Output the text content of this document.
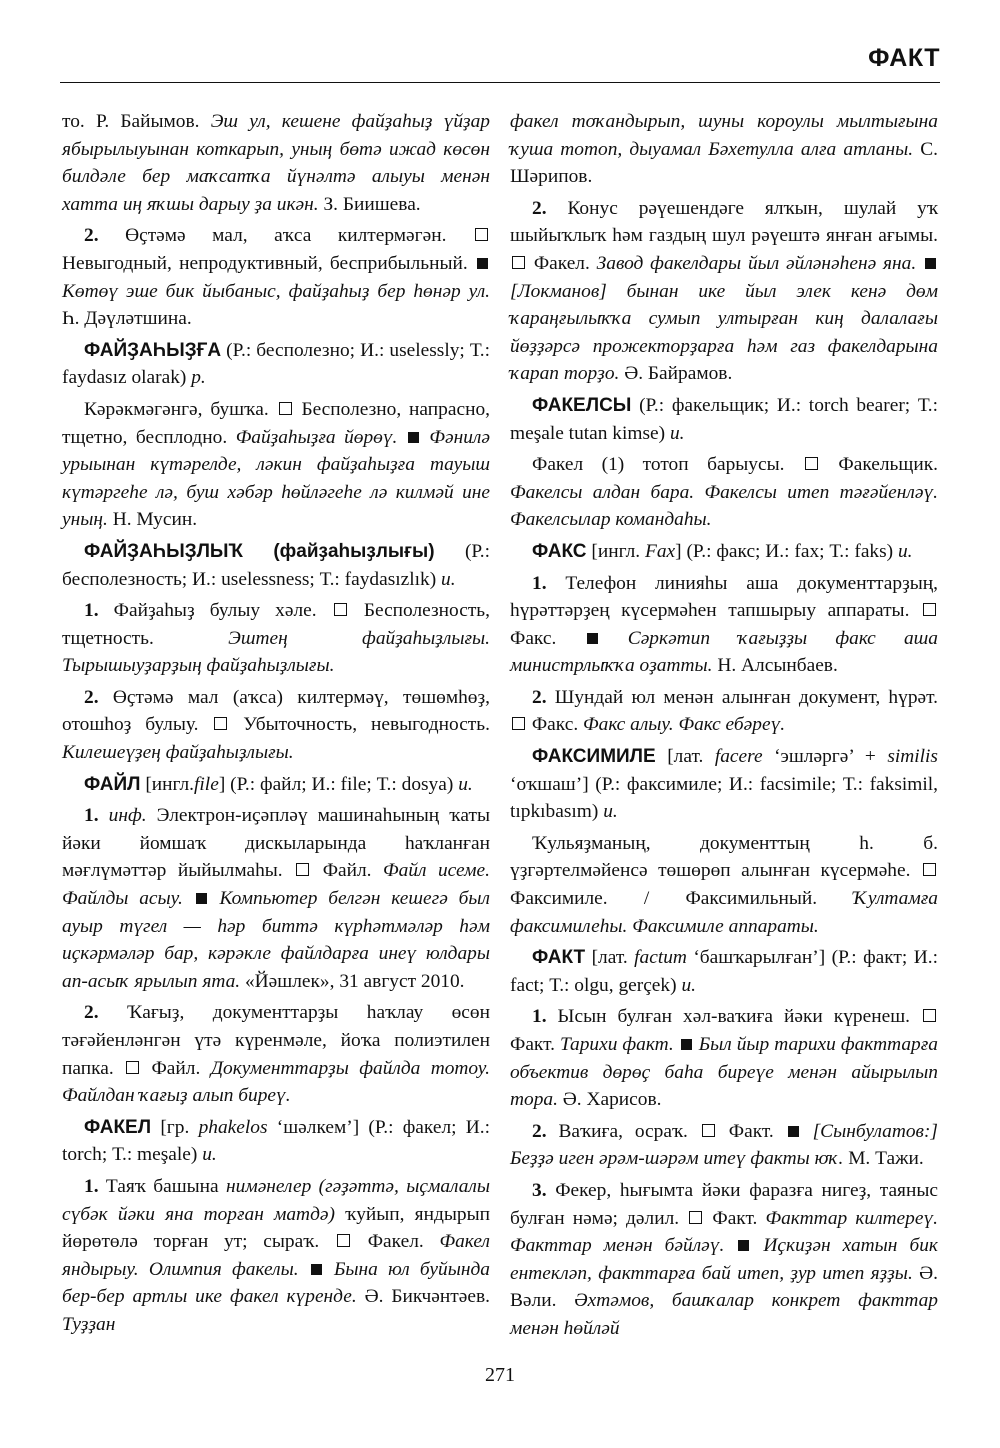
ФАКТ

то. Р. Байымов. Эш ул, кешене файҙаһыҙ үйҙар ябырылыуынан коткарып, уның бөтә ижад көсөн билдәле бер маҡсатҡа йүнәлтә алыуы менән хатта иң яҡшы дарыу ҙа икән. З. Биишева.

2. Өҫтәмә мал, аҡса килтермәгән.  Невыгодный, непродуктивный, бесприбыльный.  Көтөү эше бик йыбаныс, файҙаһыҙ бер һөнәр ул. Һ. Дәүләтшина.

ФАЙҘАҺЫҘҒА (Р.: бесполезно; И.: uselessly; Т.: faydasız olarak) р.

Кәрәкмәгәнгә, бушҡа. Бесполезно, напрасно, тщетно, бесплодно. Файҙаһыҙға йөрөү. Фәнилә урыынан күтәрелде, ләкин файҙаһыҙға тауыш күтәргеһе лә, буш хәбәр һөйләгеһе лә килмәй ине уның. Н. Мусин.

ФАЙҘАҺЫҘЛЫҠ (файҙаһыҙлығы) (Р.: бесполезность; И.: uselessness; Т.: faydasızlık) и.

1. Файҙаһыҙ булыу хәле. Бесполезность, тщетность.	Эштең файҙаһыҙлығы. Тырышыуҙарҙың файҙаһыҙлығы.

2. Өҫтәмә мал (аҡса) килтермәү, төшөмһөҙ, отошһоҙ булыу. Убыточность, невыгодность. Килешеүҙең файҙаһыҙлығы.

ФАЙЛ [ингл.file] (Р.: файл; И.: file; Т.: dosya) и.

1. инф. Электрон-иҫәпләү машинаһының ҡаты йәки йомшаҡ дискыларында һаҡланған мәғлүмәттәр йыйылмаһы. Файл. Файл исеме. Файлды асыу. Компьютер белгән кешегә был ауыр түгел — һәр биттә күрһәтмәләр һәм иҫкәрмәләр бар, кәрәкле файлдарға инеү юлдары ап-асыҡ ярылып ята. «Йәшлек», 31 август 2010.

2. Ҡағыҙ, документтарҙы һаҡлау өсөн тәғәйенләнгән үтә күренмәле, йоҡа полиэтилен папка. Файл. Документтарҙы файлда тотоу. Файлдан ҡағыҙ алып биреү.

ФАКЕЛ [гр. phakelos ‘шәлкем’] (Р.: факел; И.: torch; Т.: meşale) и.

1. Таяҡ башына нимәнелер (гәҙәттә, ыҫмалалы сүбәк йәки яна торған матдә) ҡуйып, яндырып йөрөтөлә торған ут; сыраҡ.	Факел. Факел яндырыу. Олимпия факелы. Бына юл буйында бер-бер артлы ике факел күренде. Ә. Бикчәнтәев. Туҙҙан

факел тоҡандырып, шуны короулы мылтығына ҡуша тотоп, дыуамал Бәхетулла алға атланы. С. Шәрипов.

2. Конус рәүешендәге ялҡын, шулай уҡ шыйыҡлыҡ һәм газдың шул рәүештә янған ағымы.  Факел. Завод факелдары йыл әйләнәһенә яна.  [Локманов] бынан ике йыл элек кенә дөм ҡараңғылыҡҡа сумып ултырған киң далалағы йөҙҙәрсә прожекторҙарға һәм газ факелдарына ҡарап торҙо. Ә. Байрамов.

ФАКЕЛСЫ (Р.: факельщик; И.: torch bearer; Т.: meşale tutan kimse) и.

Факел (1) тотоп барыусы.	Факельщик. Факелсы алдан бара. Факелсы итеп тәғәйенләү. Факелсылар командаһы.

ФАКС [ингл. Fax] (Р.: факс; И.: fax; Т.: faks) и.

1. Телефон линияһы аша документтарҙың, һүрәттәрҙең күсермәһен тапшырыу аппараты.  Факс.	Сәркәтип ҡағыҙҙы факс аша министрлыҡҡа оҙатты. Н. Алсынбаев.

2. Шундай юл менән алынған документ, һүрәт.  Факс. Факс алыу. Факс ебәреү.

ФАКСИМИЛЕ [лат. facere ‘эшләргә’ + similis ‘оҡшаш’] (Р.: факсимиле; И.: facsimile; Т.: faksimil, tıpkıbasım) и.

Ҡульяҙманың, документтың һ. б. үҙгәртелмәйенсә төшөрөп алынған күсермәһе.  Факсимиле. / Факсимильный. Ҡултамға факсимилеһы. Факсимиле аппараты.

ФАКТ [лат. factum ‘башҡарылған’] (Р.: факт; И.: fact; Т.: olgu, gerçek) и.

1. Ысын булған хәл-ваҡиға йәки күренеш.  Факт. Тарихи факт. Был йыр тарихи факттарға объектив дөрөҫ баһа биреүе менән айырылып тора. Ә. Харисов.

2. Ваҡиға, осраҡ. Факт. [Сынбулатов:] Беҙҙә иген әрәм-шәрәм итеү факты юҡ. М. Тажи.

3. Фекер, һығымта йәки фаразға нигеҙ, таяныс булған нәмә; дәлил. Факт. Факттар килтереү. Факттар менән бәйләү. Иҫкиҙән хатын бик ентекләп, факттарға бай итеп, ҙур итеп яҙҙы. Ә. Вәли. Әхтәмов, башҡалар конкрет факттар менән һөйләй

271
